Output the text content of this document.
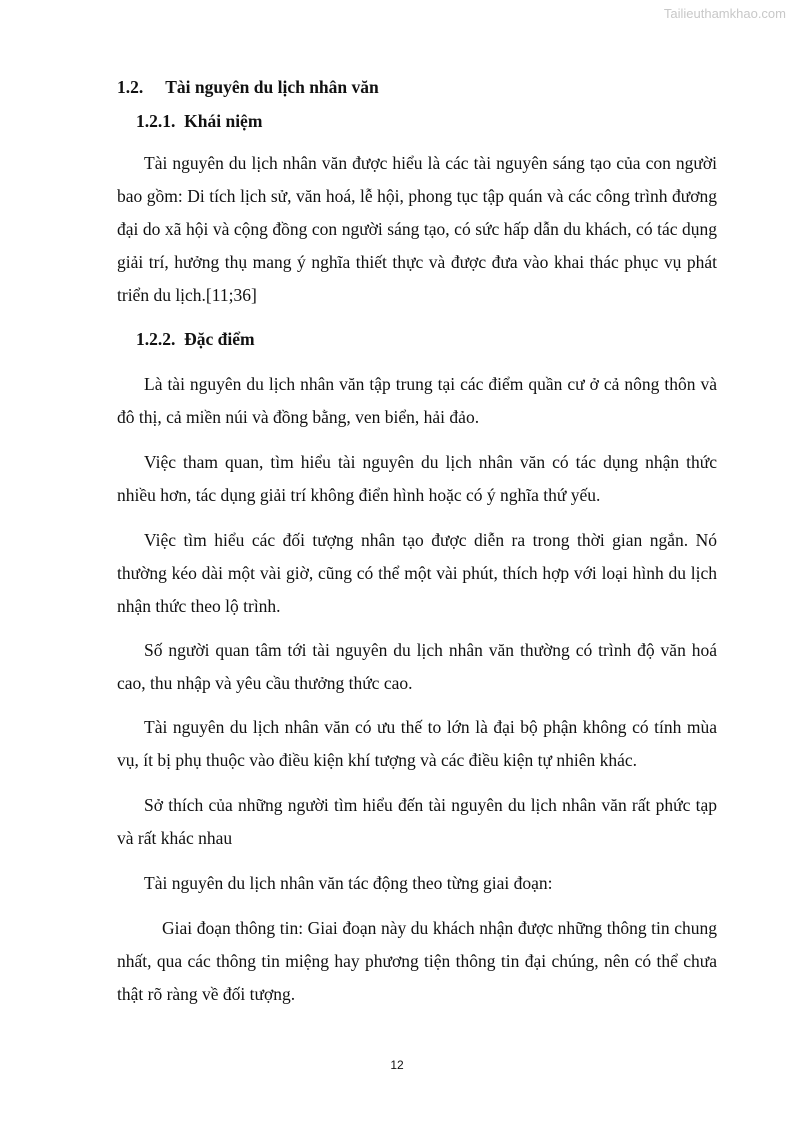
Tailieuthamkhao.com
1.2. Tài nguyên du lịch nhân văn
1.2.1. Khái niệm

Tài nguyên du lịch nhân văn được hiểu là các tài nguyên sáng tạo của con người bao gồm: Di tích lịch sử, văn hoá, lễ hội, phong tục tập quán và các công trình đương đại do xã hội và cộng đồng con người sáng tạo, có sức hấp dẫn du khách, có tác dụng giải trí, hưởng thụ mang ý nghĩa thiết thực và được đưa vào khai thác phục vụ phát triển du lịch.[11;36]

1.2.2. Đặc điểm

Là tài nguyên du lịch nhân văn tập trung tại các điểm quần cư ở cả nông thôn và đô thị, cả miền núi và đồng bằng, ven biển, hải đảo.

Việc tham quan, tìm hiểu tài nguyên du lịch nhân văn có tác dụng nhận thức nhiều hơn, tác dụng giải trí không điển hình hoặc có ý nghĩa thứ yếu.

Việc tìm hiểu các đối tượng nhân tạo được diễn ra trong thời gian ngắn. Nó thường kéo dài một vài giờ, cũng có thể một vài phút, thích hợp với loại hình du lịch nhận thức theo lộ trình.

Số người quan tâm tới tài nguyên du lịch nhân văn thường có trình độ văn hoá cao, thu nhập và yêu cầu thưởng thức cao.

Tài nguyên du lịch nhân văn có ưu thế to lớn là đại bộ phận không có tính mùa vụ, ít bị phụ thuộc vào điều kiện khí tượng và các điều kiện tự nhiên khác.

Sở thích của những người tìm hiểu đến tài nguyên du lịch nhân văn rất phức tạp và rất khác nhau

Tài nguyên du lịch nhân văn tác động theo từng giai đoạn:

Giai đoạn thông tin: Giai đoạn này du khách nhận được những thông tin chung nhất, qua các thông tin miệng hay phương tiện thông tin đại chúng, nên có thể chưa thật rõ ràng về đối tượng.

12
